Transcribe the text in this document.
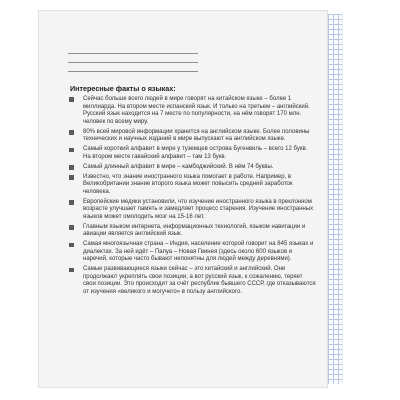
Интересные факты о языках:
Сейчас больше всего людей в мире говорят на китайском языке – более 1 миллиарда. На втором месте испанский язык. И только на третьем – английский. Русский язык находится на 7 месте по популярности, на нём говорят 170 млн. человек по всему миру.
80% всей мировой информации хранится на английском языке. Более половины технических и научных изданий в мире выпускают на английском языке.
Самый короткий алфавит в мире у туземцев острова Бугенвиль – всего 12 букв. На втором месте гавайский алфавит – там 13 букв.
Самый длинный алфавит в мире – камбоджийский. В нём 74 буквы.
Известно, что знание иностранного языка помогает в работе. Например, в Великобритании знание второго языка может повысить средний заработок человека.
Европейские медики установили, что изучение иностранного языка в преклонном возрасте улучшает память и замедляет процесс старения. Изучение иностранных языков может омолодить мозг на 15-16 лет.
Главным языком интернета, информационных технологий, языком навигации и авиации является английский язык.
Самая многоязычная страна – Индия, население которой говорит на 845 языках и диалектах. За ней идёт – Папуа – Новая Гвинея (здесь около 600 языков и наречий, которые часто бывают непонятны для людей между деревнями).
Самые развивающиеся языки сейчас – это китайский и английский. Они продолжают укреплять свои позиции, а вот русский язык, к сожалению, теряет свои позиции. Это происходит за счёт республик бывшего СССР, где отказываются от изучения «великого и могучего» в пользу английского.
